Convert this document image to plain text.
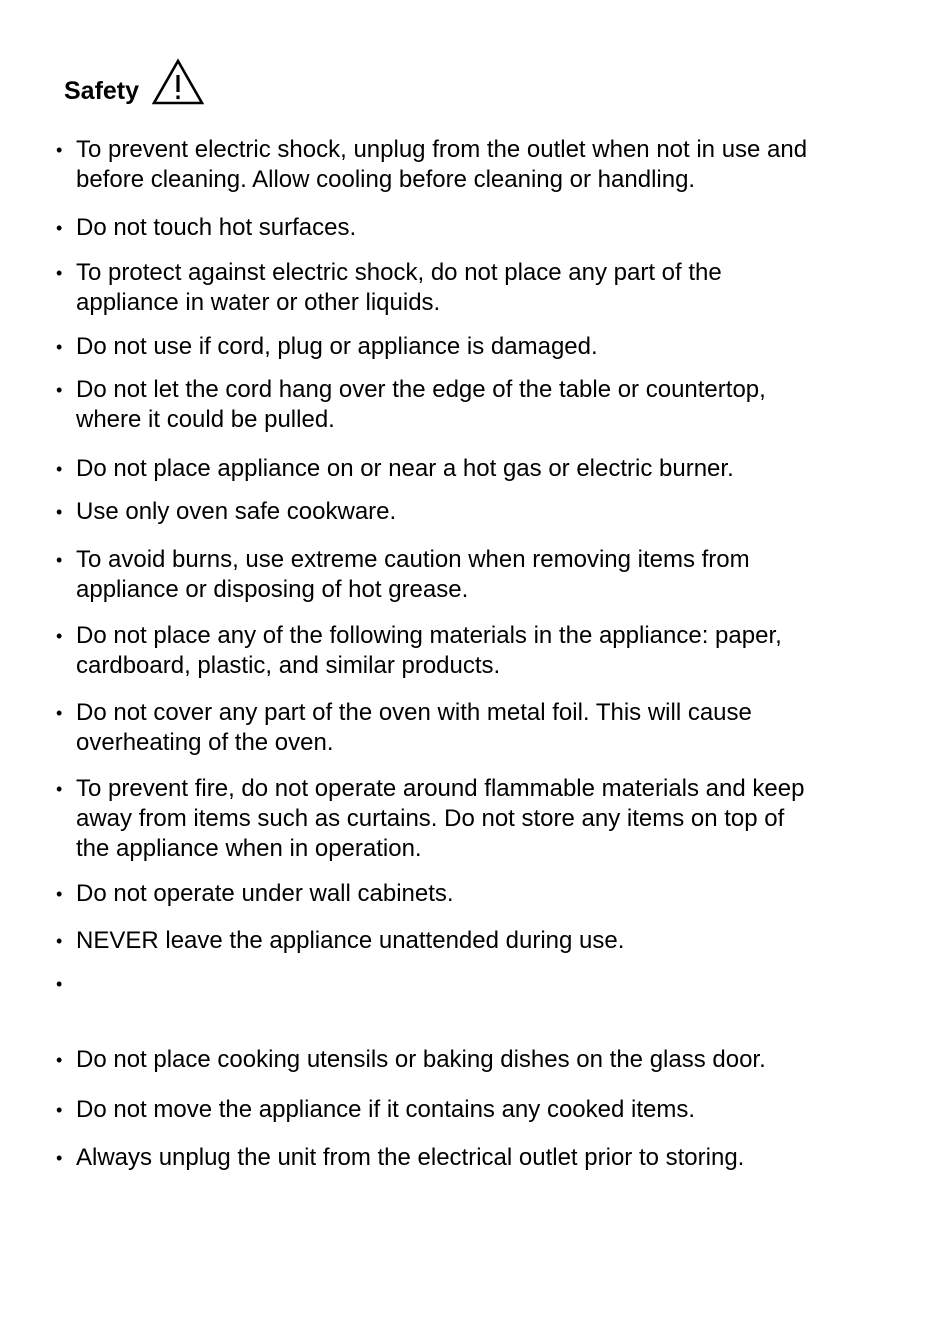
Safety
• To prevent electric shock, unplug from the outlet when not in use and
before cleaning. Allow cooling before cleaning or handling.
• Do not touch hot surfaces.
• To protect against electric shock, do not place any part of the
appliance in water or other liquids.
• Do not use if cord, plug or appliance is damaged.
• Do not let the cord hang over the edge of the table or countertop,
where it could be pulled.
• Do not place appliance on or near a hot gas or electric burner.
• Use only oven safe cookware.
• To avoid burns, use extreme caution when removing items from
appliance or disposing of hot grease.
• Do not place any of the following materials in the appliance: paper,
cardboard, plastic, and similar products.
• Do not cover any part of the oven with metal foil. This will cause
overheating of the oven.
• To prevent fire, do not operate around flammable materials and keep
away from items such as curtains. Do not store any items on top of
the appliance when in operation.
• Do not operate under wall cabinets.
• NEVER leave the appliance unattended during use.
•
• Do not place cooking utensils or baking dishes on the glass door.
• Do not move the appliance if it contains any cooked items.
• Always unplug the unit from the electrical outlet prior to storing.
